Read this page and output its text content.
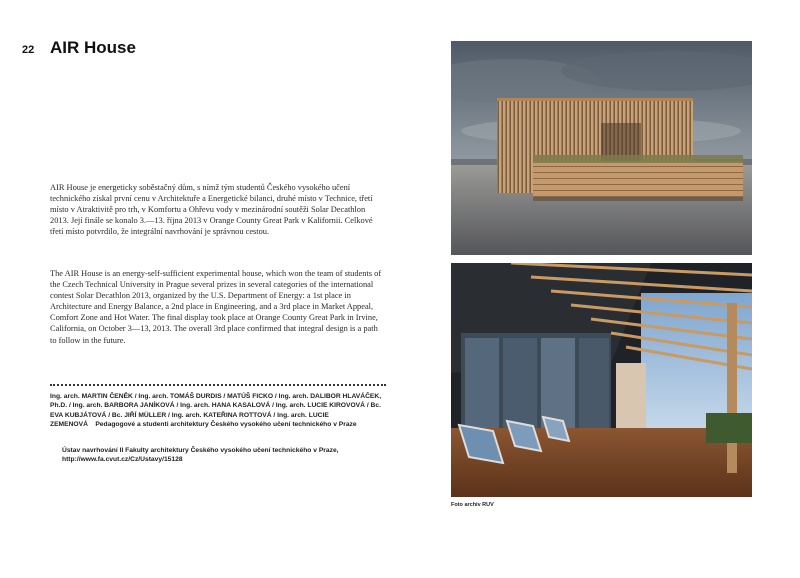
22 AIR House

AIR House je energeticky soběstačný dům, s nímž tým studentů Českého vysokého učení technického získal první cenu v Architektuře a Energetické bilanci, druhé místo v Technice, třetí místo v Atraktivitě pro trh, v Komfortu a Ohřevu vody v mezinárodní soutěži Solar Decathlon 2013. Její finále se konalo 3.—13. října 2013 v Orange County Great Park v Kalifornii. Celkové třetí místo potvrdilo, že integrální navrhování je správnou cestou.

The AIR House is an energy-self-sufficient experimental house, which won the team of students of the Czech Technical University in Prague several prizes in several categories of the international contest Solar Decathlon 2013, organized by the U.S. Department of Energy: a 1st place in Architecture and Energy Balance, a 2nd place in Engineering, and a 3rd place in Market Appeal, Comfort Zone and Hot Water. The final display took place at Orange County Great Park in Irvine, California, on October 3—13, 2013. The overall 3rd place confirmed that integral design is a path to follow in the future.

Ing. arch. MARTIN ČENĚK / Ing. arch. TOMÁŠ DURDIS / MATÚŠ FICKO / Ing. arch. DALIBOR HLAVÁČEK, Ph.D. / Ing. arch. BARBORA JANÍKOVÁ / Ing. arch. HANA KASALOVÁ / Ing. arch. LUCIE KIROVOVÁ / Bc. EVA KUBJÁTOVÁ / Bc. JIŘÍ MÜLLER / Ing. arch. KATEŘINA ROTTOVÁ / Ing. arch. LUCIE ZEMENOVÁ Pedagogové a studenti architektury Českého vysokého učení technického v Praze

Ústav navrhování II Fakulty architektury Českého vysokého učení technického v Praze,
http://www.fa.cvut.cz/Cz/Ustavy/15128

Foto archiv RUV
